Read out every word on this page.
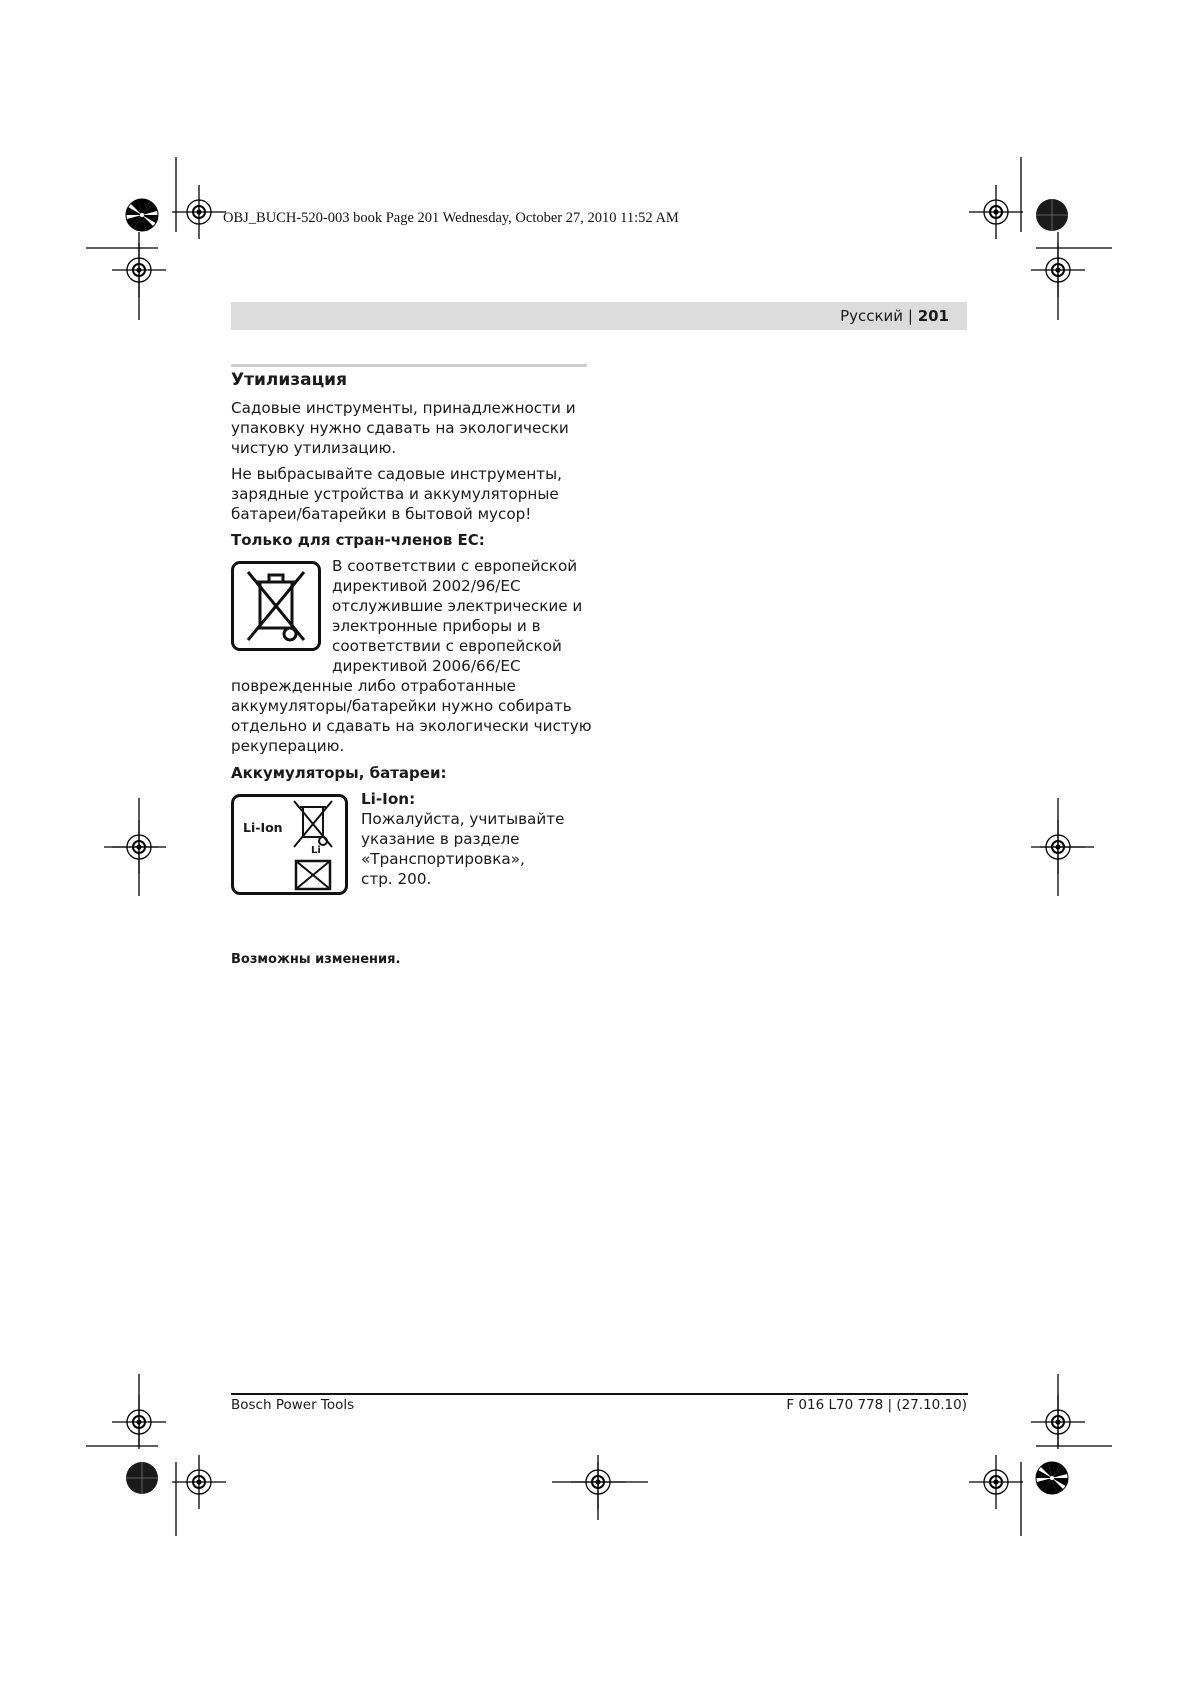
OBJ_BUCH-520-003 book Page 201 Wednesday, October 27, 2010 11:52 AM
Русский | 201
Утилизация
Садовые инструменты, принадлежности и
упаковку нужно сдавать на экологически
чистую утилизацию.
Не выбрасывайте садовые инструменты,
зарядные устройства и аккумуляторные
батареи/батарейки в бытовой мусор!
Только для стран-членов ЕС:
В соответствии с европейской
директивой 2002/96/ЕС
отслужившие электрические и
электронные приборы и в
соответствии с европейской
директивой 2006/66/ЕС
поврежденные либо отработанные
аккумуляторы/батарейки нужно собирать
отдельно и сдавать на экологически чистую
рекуперацию.
Аккумуляторы, батареи:
Li-Ion
Li
Li-Ion:
Пожалуйста, учитывайте
указание в разделе
«Транспортировка»,
стр. 200.
Возможны изменения.
Bosch Power Tools	F 016 L70 778 | (27.10.10)
